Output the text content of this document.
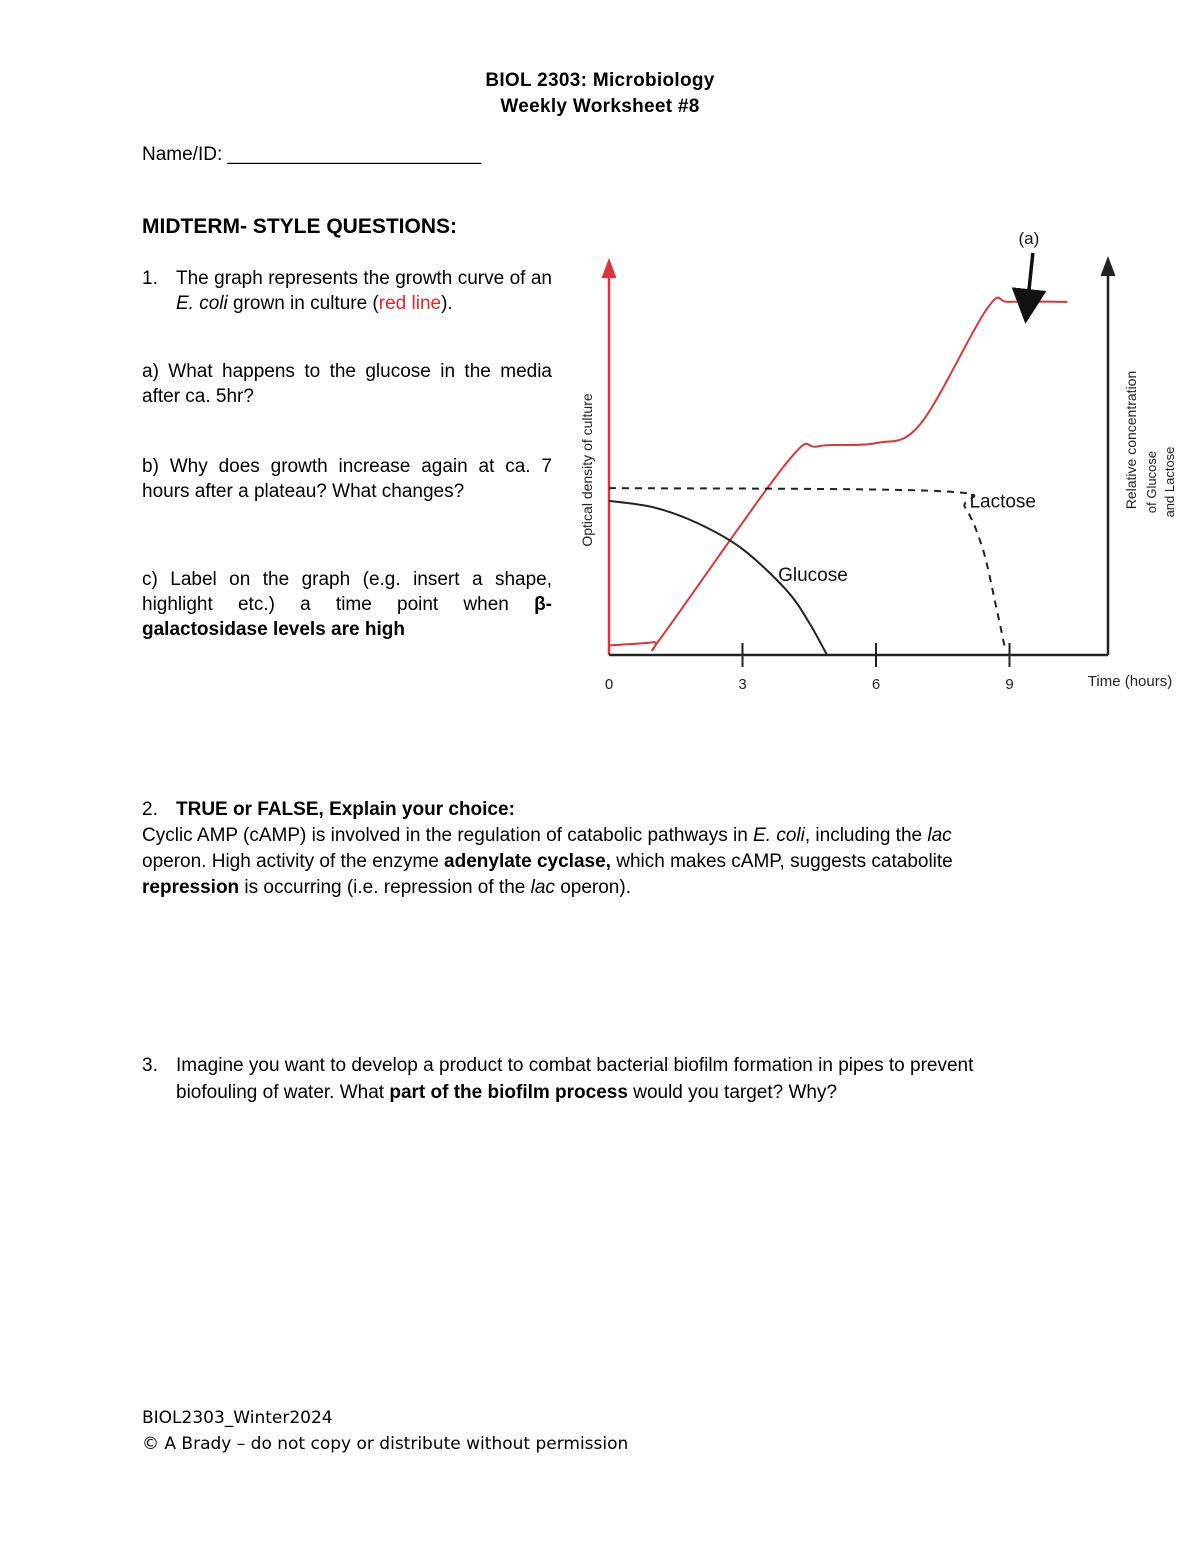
BIOL 2303: Microbiology
Weekly Worksheet #8
Name/ID: ________________________
MIDTERM- STYLE QUESTIONS:
1. The graph represents the growth curve of an E. coli grown in culture (red line).
a) What happens to the glucose in the media after ca. 5hr?
b) Why does growth increase again at ca. 7 hours after a plateau? What changes?
c) Label on the graph (e.g. insert a shape, highlight etc.) a time point when β-galactosidase levels are high
0	3	6	9	Time (hours)
Optical density of culture	Relative concentration of Glucose and Lactose
Glucose
Lactose
(a)
2. TRUE or FALSE, Explain your choice:
Cyclic AMP (cAMP) is involved in the regulation of catabolic pathways in E. coli, including the lac
operon. High activity of the enzyme adenylate cyclase, which makes cAMP, suggests catabolite
repression is occurring (i.e. repression of the lac operon).
3. Imagine you want to develop a product to combat bacterial biofilm formation in pipes to prevent
biofouling of water. What part of the biofilm process would you target? Why?
BIOL2303_Winter2024
© A Brady – do not copy or distribute without permission
